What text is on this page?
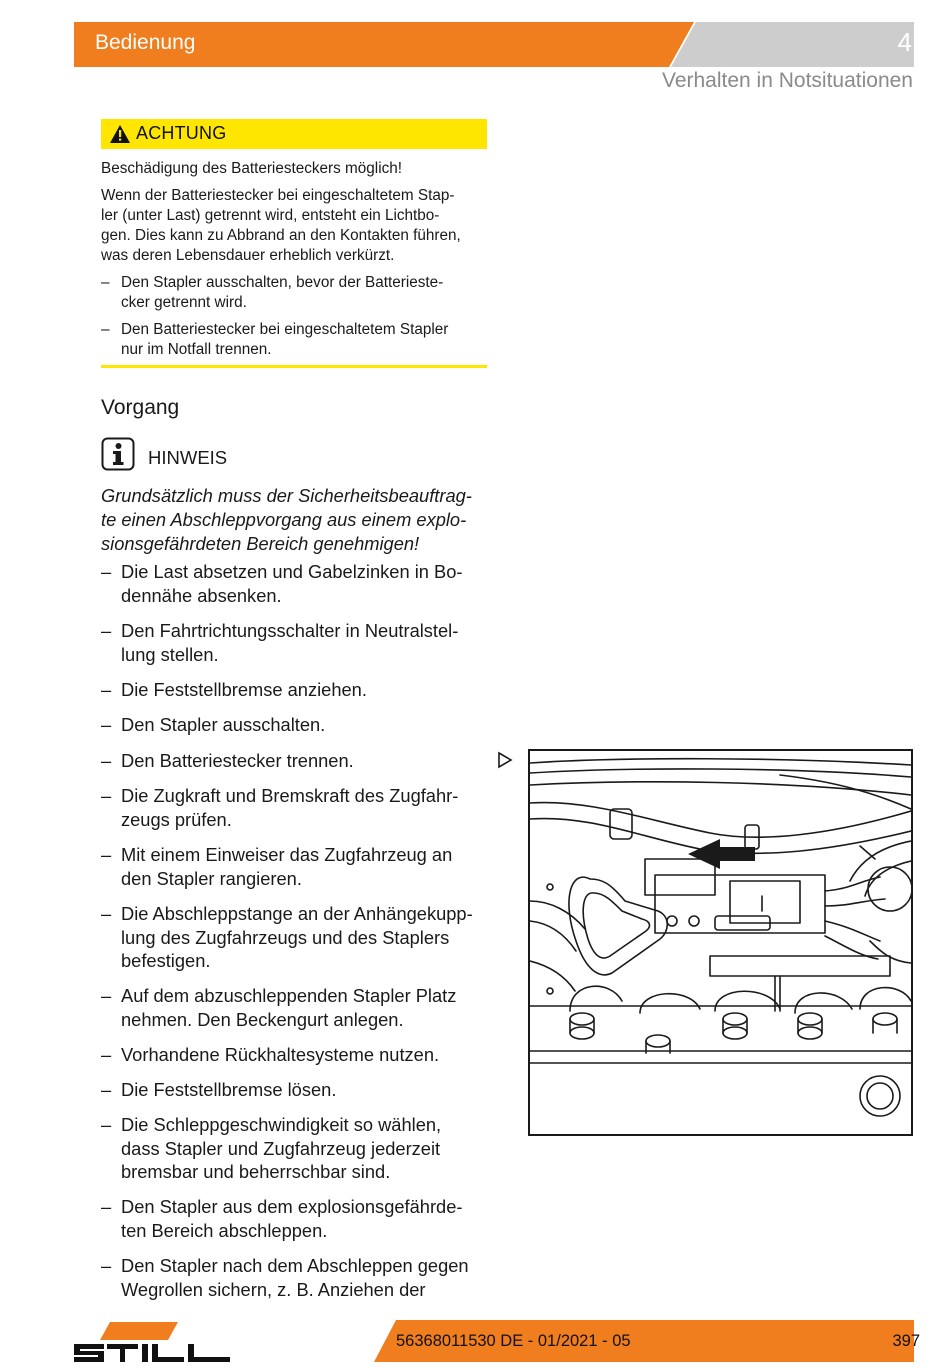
Bedienung	4
Verhalten in Notsituationen
ACHTUNG
Beschädigung des Batteriesteckers möglich!
Wenn der Batteriestecker bei eingeschaltetem Stap-
ler (unter Last) getrennt wird, entsteht ein Lichtbo-
gen. Dies kann zu Abbrand an den Kontakten führen,
was deren Lebensdauer erheblich verkürzt.
– Den Stapler ausschalten, bevor der Batterieste-
cker getrennt wird.
– Den Batteriestecker bei eingeschaltetem Stapler
nur im Notfall trennen.
Vorgang
HINWEIS
Grundsätzlich muss der Sicherheitsbeauftrag-
te einen Abschleppvorgang aus einem explo-
sionsgefährdeten Bereich genehmigen!
– Die Last absetzen und Gabelzinken in Bo-
dennähe absenken.
– Den Fahrtrichtungsschalter in Neutralstel-
lung stellen.
– Die Feststellbremse anziehen.
– Den Stapler ausschalten.
– Den Batteriestecker trennen.
– Die Zugkraft und Bremskraft des Zugfahr-
zeugs prüfen.
– Mit einem Einweiser das Zugfahrzeug an
den Stapler rangieren.
– Die Abschleppstange an der Anhängekupp-
lung des Zugfahrzeugs und des Staplers
befestigen.
– Auf dem abzuschleppenden Stapler Platz
nehmen. Den Beckengurt anlegen.
– Vorhandene Rückhaltesysteme nutzen.
– Die Feststellbremse lösen.
– Die Schleppgeschwindigkeit so wählen,
dass Stapler und Zugfahrzeug jederzeit
bremsbar und beherrschbar sind.
– Den Stapler aus dem explosionsgefährde-
ten Bereich abschleppen.
– Den Stapler nach dem Abschleppen gegen
Wegrollen sichern, z. B. Anziehen der
56368011530 DE - 01/2021 - 05	397
